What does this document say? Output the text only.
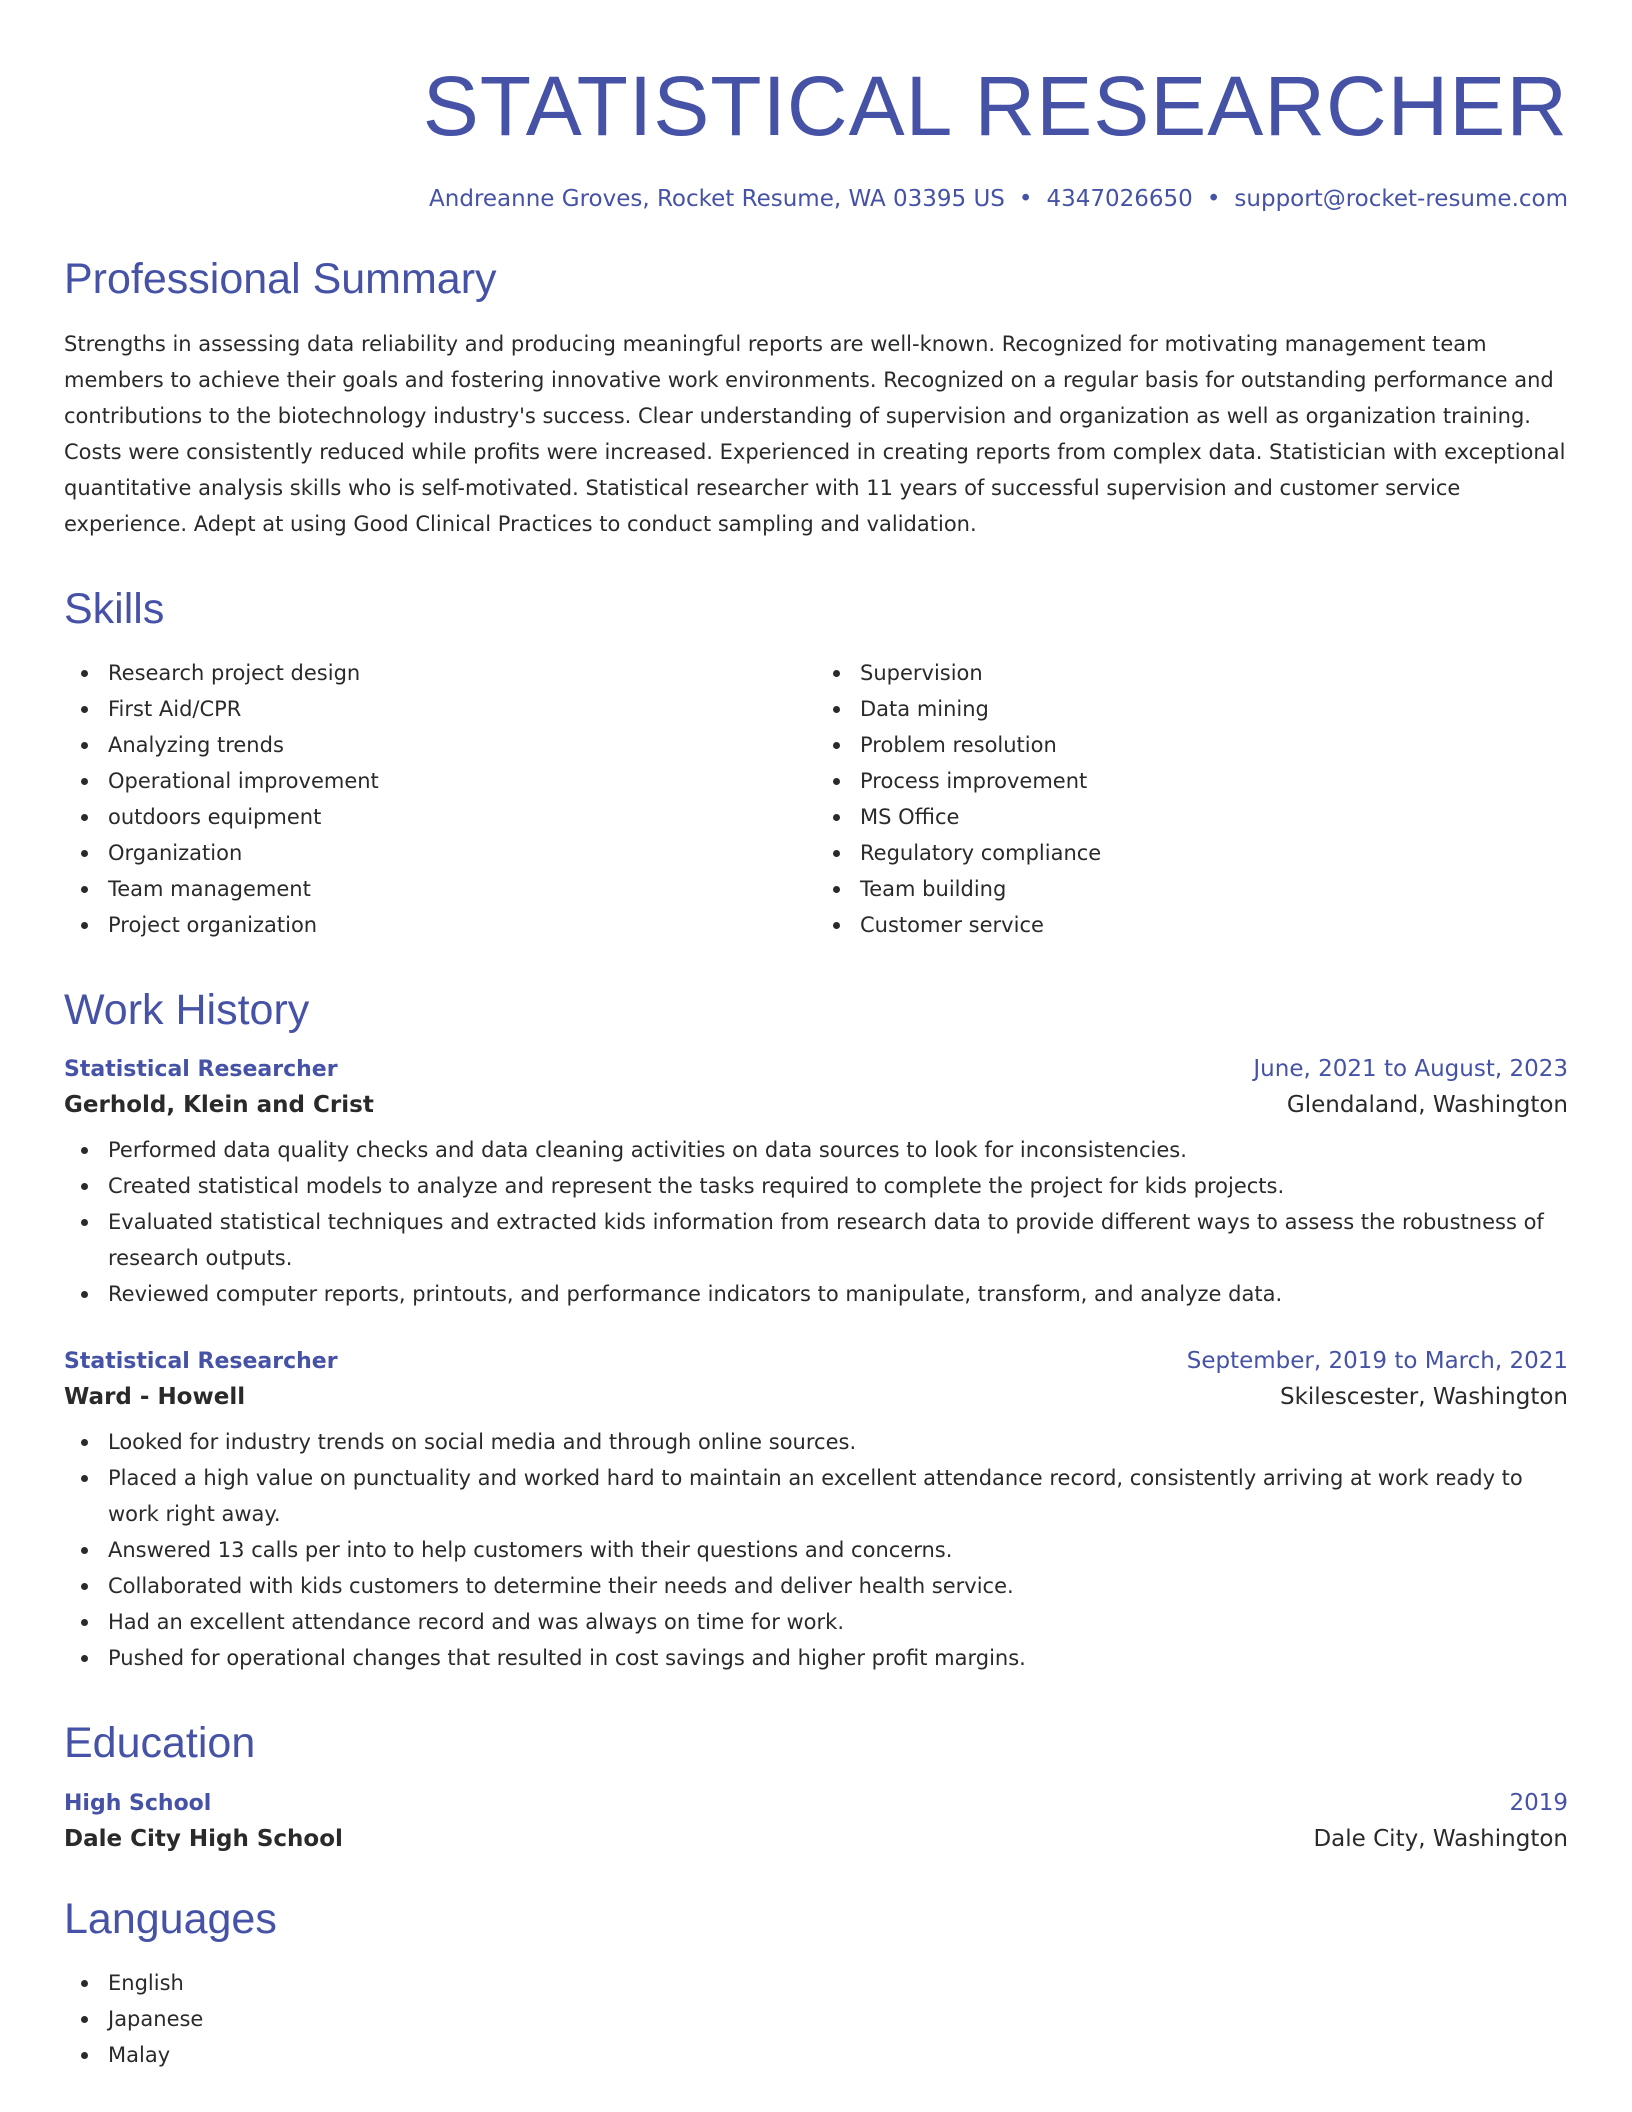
STATISTICAL RESEARCHER
Andreanne Groves, Rocket Resume, WA 03395 US • 4347026650 • support@rocket-resume.com
Professional Summary

Strengths in assessing data reliability and producing meaningful reports are well-known. Recognized for motivating management team members to achieve their goals and fostering innovative work environments. Recognized on a regular basis for outstanding performance and contributions to the biotechnology industry's success. Clear understanding of supervision and organization as well as organization training. Costs were consistently reduced while profits were increased. Experienced in creating reports from complex data. Statistician with exceptional quantitative analysis skills who is self-motivated. Statistical researcher with 11 years of successful supervision and customer service experience. Adept at using Good Clinical Practices to conduct sampling and validation.

Skills
Research project design
First Aid/CPR
Analyzing trends
Operational improvement
outdoors equipment
Organization
Team management
Project organization
Supervision
Data mining
Problem resolution
Process improvement
MS Office
Regulatory compliance
Team building
Customer service
Work History
Statistical Researcher	June, 2021 to August, 2023
Gerhold, Klein and Crist	Glendaland, Washington
Performed data quality checks and data cleaning activities on data sources to look for inconsistencies.
Created statistical models to analyze and represent the tasks required to complete the project for kids projects.
Evaluated statistical techniques and extracted kids information from research data to provide different ways to assess the robustness of research outputs.
Reviewed computer reports, printouts, and performance indicators to manipulate, transform, and analyze data.
Statistical Researcher	September, 2019 to March, 2021
Ward - Howell	Skilescester, Washington
Looked for industry trends on social media and through online sources.
Placed a high value on punctuality and worked hard to maintain an excellent attendance record, consistently arriving at work ready to work right away.
Answered 13 calls per into to help customers with their questions and concerns.
Collaborated with kids customers to determine their needs and deliver health service.
Had an excellent attendance record and was always on time for work.
Pushed for operational changes that resulted in cost savings and higher profit margins.
Education
High School	2019
Dale City High School	Dale City, Washington
Languages
English
Japanese
Malay
